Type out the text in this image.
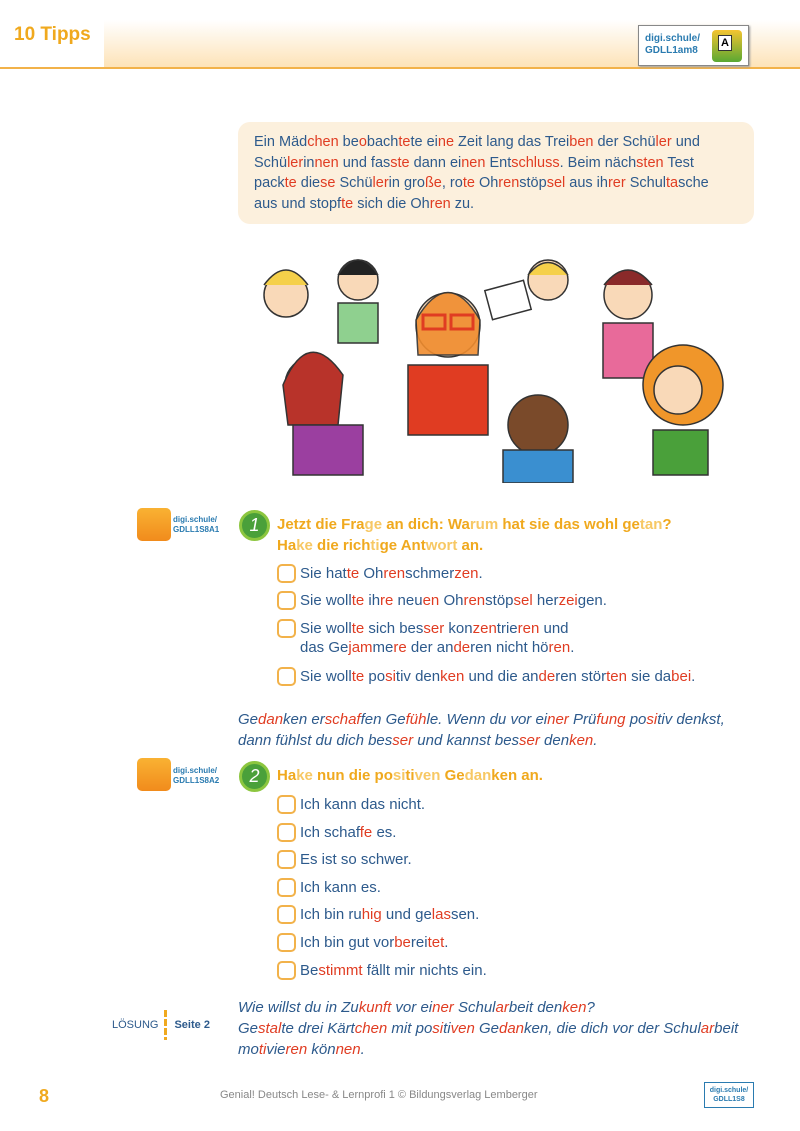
10 Tipps	digi.schule/
GDLL1am8
A
Ein Mädchen beobachtete eine Zeit lang das Treiben der Schüler und
Schülerinnen und fasste dann einen Entschluss. Beim nächsten Test
packte diese Schülerin große, rote Ohrenstöpsel aus ihrer Schultasche
aus und stopfte sich die Ohren zu.
digi.schule/
GDLL1S8A1	1	Jetzt die Frage an dich: Warum hat sie das wohl getan?
Hake die richtige Antwort an.
Sie hatte Ohrenschmerzen.
Sie wollte ihre neuen Ohrenstöpsel herzeigen.
Sie wollte sich besser konzentrieren und
das Gejammere der anderen nicht hören.
Sie wollte positiv denken und die anderen störten sie dabei.
Gedanken erschaffen Gefühle. Wenn du vor einer Prüfung positiv denkst,
dann fühlst du dich besser und kannst besser denken.
digi.schule/
GDLL1S8A2	2	Hake nun die positiven Gedanken an.
Ich kann das nicht.
Ich schaffe es.
Es ist so schwer.
Ich kann es.
Ich bin ruhig und gelassen.
Ich bin gut vorbereitet.
Bestimmt fällt mir nichts ein.
LÖSUNG Seite 2
Wie willst du in Zukunft vor einer Schularbeit denken?
Gestalte drei Kärtchen mit positiven Gedanken, die dich vor der Schularbeit
motivieren können.
8	Genial! Deutsch Lese- & Lernprofi 1 © Bildungsverlag Lemberger	digi.schule/
GDLL1S8
